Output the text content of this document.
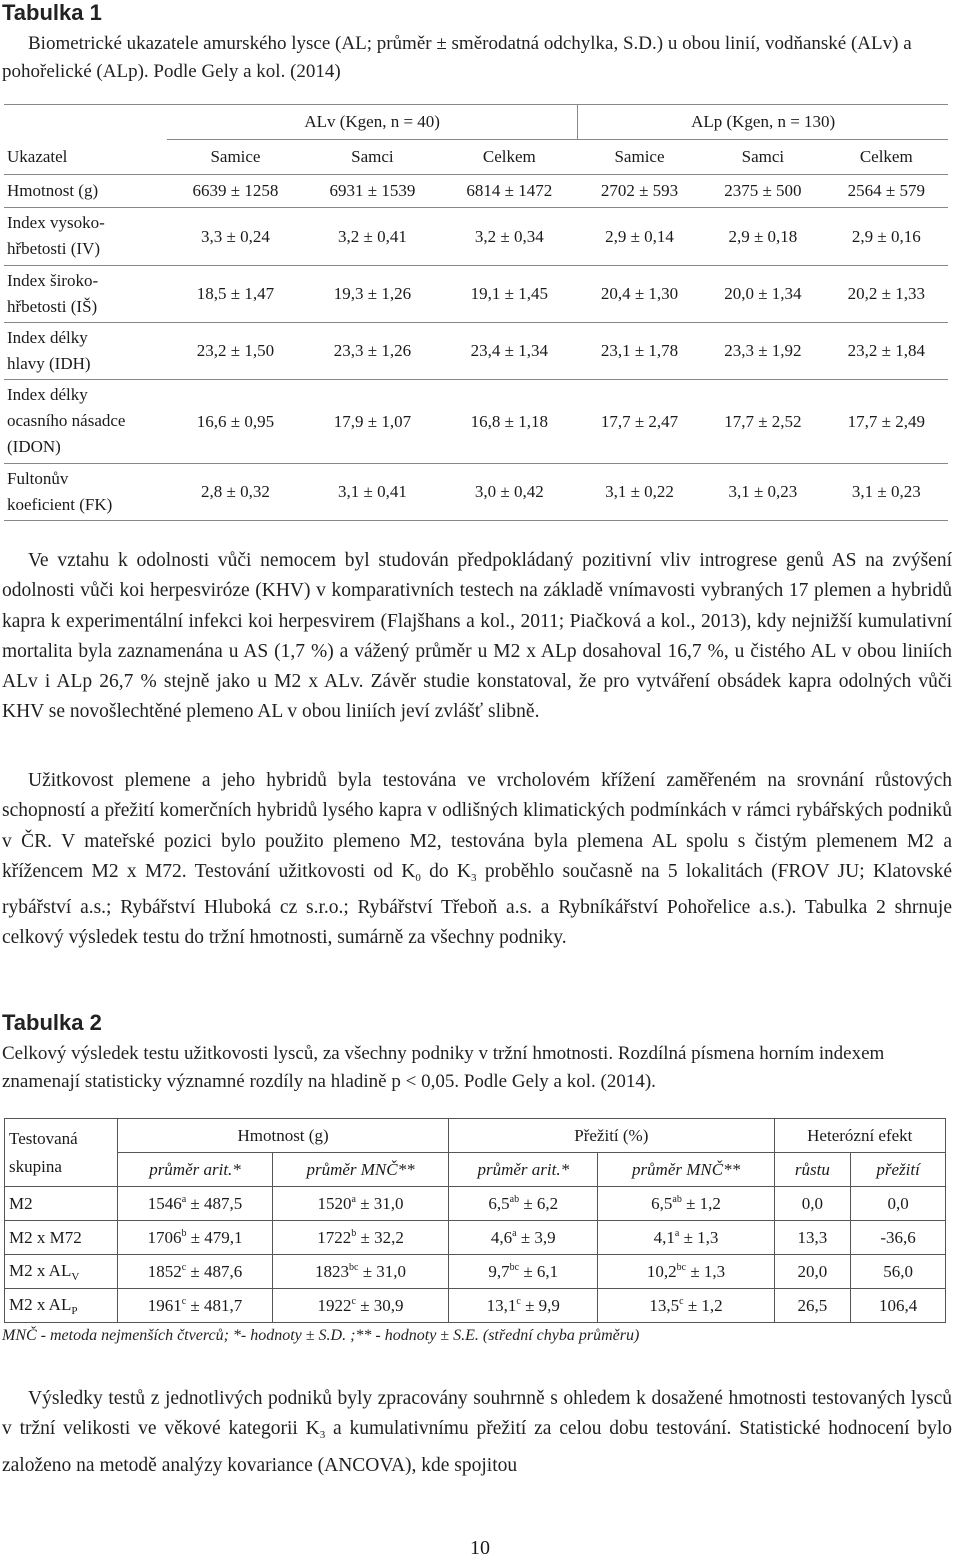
Tabulka 1
Biometrické ukazatele amurského lysce (AL; průměr ± směrodatná odchylka, S.D.) u obou linií, vodňanské (ALv) a pohořelické (ALp). Podle Gely a kol. (2014)
	ALv (Kgen, n = 40)			ALp (Kgen, n = 130)		
Ukazatel	Samice	Samci	Celkem	Samice	Samci	Celkem
Hmotnost (g)	6639 ± 1258	6931 ± 1539	6814 ± 1472	2702 ± 593	2375 ± 500	2564 ± 579
Index vysoko-hřbetosti (IV)	3,3 ± 0,24	3,2 ± 0,41	3,2 ± 0,34	2,9 ± 0,14	2,9 ± 0,18	2,9 ± 0,16
Index široko-hřbetosti (IŠ)	18,5 ± 1,47	19,3 ± 1,26	19,1 ± 1,45	20,4 ± 1,30	20,0 ± 1,34	20,2 ± 1,33
Index délky hlavy (IDH)	23,2 ± 1,50	23,3 ± 1,26	23,4 ± 1,34	23,1 ± 1,78	23,3 ± 1,92	23,2 ± 1,84
Index délky ocasního násadce (IDON)	16,6 ± 0,95	17,9 ± 1,07	16,8 ± 1,18	17,7 ± 2,47	17,7 ± 2,52	17,7 ± 2,49
Fultonův koeficient (FK)	2,8 ± 0,32	3,1 ± 0,41	3,0 ± 0,42	3,1 ± 0,22	3,1 ± 0,23	3,1 ± 0,23

Ve vztahu k odolnosti vůči nemocem byl studován předpokládaný pozitivní vliv introgrese genů AS na zvýšení odolnosti vůči koi herpesviróze (KHV) v komparativních testech na základě vnímavosti vybraných 17 plemen a hybridů kapra k experimentální infekci koi herpesvirem (Flajšhans a kol., 2011; Piačková a kol., 2013), kdy nejnižší kumulativní mortalita byla zaznamenána u AS (1,7 %) a vážený průměr u M2 x ALp dosahoval 16,7 %, u čistého AL v obou liniích ALv i ALp 26,7 % stejně jako u M2 x ALv. Závěr studie konstatoval, že pro vytváření obsádek kapra odolných vůči KHV se novošlechtěné plemeno AL v obou liniích jeví zvlášť slibně.

Užitkovost plemene a jeho hybridů byla testována ve vrcholovém křížení zaměřeném na srovnání růstových schopností a přežití komerčních hybridů lysého kapra v odlišných klimatických podmínkách v rámci rybářských podniků v ČR. V mateřské pozici bylo použito plemeno M2, testována byla plemena AL spolu s čistým plemenem M2 a křížencem M2 x M72. Testování užitkovosti od $K_0$ do $K_3$ proběhlo současně na 5 lokalitách (FROV JU; Klatovské rybářství a.s.; Rybářství Hluboká cz s.r.o.; Rybářství Třeboň a.s. a Rybníkářství Pohořelice a.s.). Tabulka 2 shrnuje celkový výsledek testu do tržní hmotnosti, sumárně za všechny podniky.

Tabulka 2
Celkový výsledek testu užitkovosti lysců, za všechny podniky v tržní hmotnosti. Rozdílná písmena horním indexem znamenají statisticky významné rozdíly na hladině p < 0,05. Podle Gely a kol. (2014).
Testovaná skupina	Hmotnost (g)		Přežití (%)		Heterózní efekt	
	průměr arit.*	průměr MNČ**	průměr arit.*	průměr MNČ**	růstu	přežití
M2	$1546^a \pm 487,5$	$1520^a \pm 31,0$	6,5$^{ab}$ ± 6,2	6,5$^{ab}$ ± 1,2	0,0	0,0
M2 x M72	$1706^b \pm 479,1$	$1722^b \pm 32,2$	4,6$^a$ ± 3,9	4,1$^a$ ± 1,3	13,3	-36,6
M2 x $AL_V$	$1852^c \pm 487,6$	$1823^{bc} \pm 31,0$	9,7$^{bc}$ ± 6,1	10,2$^{bc}$ ± 1,3	20,0	56,0
M2 x $AL_P$	$1961^c \pm 481,7$	$1922^c \pm 30,9$	13,1$^c$ ± 9,9	13,5$^c$ ± 1,2	26,5	106,4
MNČ - metoda nejmenších čtverců; *- hodnoty ± S.D. ;** - hodnoty ± S.E. (střední chyba průměru)

Výsledky testů z jednotlivých podniků byly zpracovány souhrnně s ohledem k dosažené hmotnosti testovaných lysců v tržní velikosti ve věkové kategorii $K_3$ a kumulativnímu přežití za celou dobu testování. Statistické hodnocení bylo založeno na metodě analýzy kovariance (ANCOVA), kde spojitou

10
